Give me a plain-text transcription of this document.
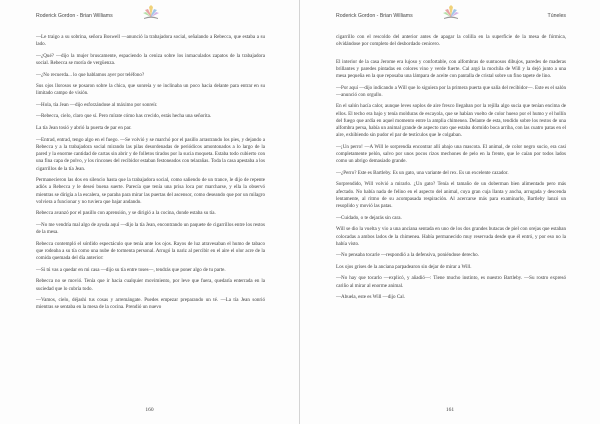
Roderick Gordon - Brian Williams

—Le traigo a su sobrina, señora Boswell —anunció la trabajadora social, señalando a Rebecca, que estaba a su lado.

—¿Qué? —dijo la mujer bruscamente, espaciendo la ceniza sobre los inmaculados zapatos de la trabajadora social. Rebecca se moría de vergüenza.

—¿No recuerda... lo que hablamos ayer por teléfono?

Sus ojos llorosos se posaron sobre la chica, que sonreía y se inclinaba un poco hacia delante para entrar en su limitado campo de visión.

—Hola, tía Jean —dijo esforzándose al máximo por sonreír.

—Rebecca, cielo, claro que sí. Pero mírate cómo has crecido, estás hecha una señorita.

La tía Jean tosió y abrió la puerta de par en par.

—Entrad, entrad, tengo algo en el fuego. —Se volvió y se marchó por el pasillo arrastrando los pies, y dejando a Rebecca y a la trabajadora social mirando las pilas desordenadas de periódicos amontonados a lo largo de la pared y la enorme cantidad de cartas sin abrir y de folletos tirados por la sucia moqueta. Estaba todo cubierto con una fina capa de polvo, y los rincones del recibidor estaban festoneados con telarañas. Toda la casa apestaba a los cigarrillos de la tía Jean.

Permanecieron las dos en silencio hasta que la trabajadora social, como saliendo de un trance, le dijo de repente adiós a Rebecca y le deseó buena suerte. Parecía que tenía una prisa loca por marcharse, y ella la observó mientras se dirigía a la escalera, se paraba para mirar las puertas del ascensor, como deseando que por un milagro volviera a funcionar y no tuviera que bajar andando.

Rebecca avanzó por el pasillo con aprensión, y se dirigió a la cocina, donde estaba su tía.

—No me vendría mal algo de ayuda aquí —dijo la tía Jean, encontrando un paquete de cigarrillos entre los restos de la mesa.

Rebecca contempló el sórdido espectáculo que tenía ante los ojos. Rayos de luz atravesaban el humo de tabaco que rodeaba a su tía como una nube de tormenta personal. Arrugó la nariz al percibir en el aire el olor acre de la comida quemada del día anterior:

—Si tú vas a quedar en mi casa —dijo su tía entre toses—, tendrás que poner algo de tu parte.

Rebecca no se movió. Tenía que ir hacia cualquier movimiento, por leve que fuera, quedaría enterrada en la suciedad que lo cubría todo.

—Vamos, cielo, déjashi tus cosas y arremángate. Puedes empezar preparando un té. —La tía Jean sonrió mientras se sentaba en la mesa de la cocina. Prendió un nuevo

160
Roderick Gordon - Brian Williams	Túneles

cigarrillo con el rescoldo del anterior antes de apagar la colilla en la superficie de la mesa de fórmica, olvidándose por completo del desbordado cenicero.

El interior de la casa Jerome era lujoso y confortable, con alfombras de suntuosos dibujos, paredes de maderas brillantes y paredes pintadas en colores vino y verde fuerte. Cal argó la mochila de Will y la dejó junto a una mesa pequeña en la que reposaba una lámpara de aceite con pantalla de cristal sobre un fino tapete de lino.

—Por aquí —dijo indicando a Will que lo siguiera por la primera puerta que salía del recibidor—. Este es el salón —anunció con orgullo.

En el salón hacía calor, aunque leves soplos de aire fresco llegaban por la rejilla algo sucia que tenían encima de ellos. El techo era bajo y tenía molduras de escayola, que se habían vuelto de color hueso por el humo y el hollín del fuego que ardía en aquel momento entre la amplia chimenea. Delante de esta, tendido sobre los restos de una alfombra persa, había un animal grande de aspecto raro que estaba dormido boca arriba, con las cuatro patas en el aire, exhibiendo sin pudor el par de testículos que le colgaban.

—¡Un perro! —A Will le sorprendía encontrar allí abajo una mascota. El animal, de color negro sucio, era casi completamente pelón, salvo por unos pocos rizos mechones de pelo en la frente, que le caían por todos lados como un abrigo demasiado grande.

—¿Perro? Este es Bartleby. Es un gato, una variante del rex. Es un excelente cazador.

Sorprendido, Will volvió a mirarlo. ¿Un gato? Tenía el tamaño de un doberman bien alimentado pero más afectado. No había nada de felino en el aspecto del animal, cuya gran cuja llanta y ancha, arrugada y descenda lentamente, al ritmo de su acompasada respiración. Al acercarse más para examinarlo, Bartleby lanzó un resoplido y movió las patas.

—Cuidado, o te dejarás sin cara.

Will se dio la vuelta y vio a una anciana sentada en uno de los dos grandes butacas de piel con orejas que estaban colocadas a ambos lados de la chimenea. Había permanecido muy reservada desde que él entró, y por eso no la había visto.

—No pensaba tocarle —respondió a la defensiva, poniéndose derecho.

Los ojos grises de la anciana parpadearon sin dejar de mirar a Will.

—No hay que tocarlo —explicó, y añadió—: Tiene mucho instinto, es nuestro Bartleby. —Su rostro expresó cariño al mirar al enorme animal.

—Abuela, este es Will —dijo Cal.

161
